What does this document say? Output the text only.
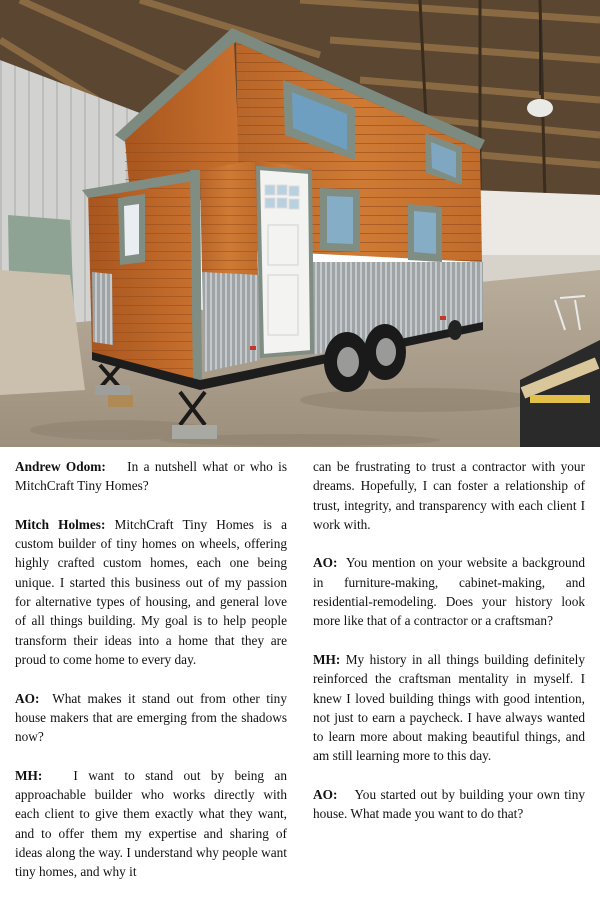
Andrew Odom: In a nutshell what or who is MitchCraft Tiny Homes?

Mitch Holmes: MitchCraft Tiny Homes is a custom builder of tiny homes on wheels, offering highly crafted custom homes, each one being unique. I started this business out of my passion for alternative types of housing, and general love of all things building. My goal is to help people transform their ideas into a home that they are proud to come home to every day.

AO: What makes it stand out from other tiny house makers that are emerging from the shadows now?

MH: I want to stand out by being an approachable builder who works directly with each client to give them exactly what they want, and to offer them my expertise and sharing of ideas along the way. I understand why people want tiny homes, and why it

can be frustrating to trust a contractor with your dreams. Hopefully, I can foster a relationship of trust, integrity, and transparency with each client I work with.

AO: You mention on your website a background in furniture-making, cabinet-making, and residential-remodeling. Does your history look more like that of a contractor or a craftsman?

MH: My history in all things building definitely reinforced the craftsman mentality in myself. I knew I loved building things with good intention, not just to earn a paycheck. I have always wanted to learn more about making beautiful things, and am still learning more to this day.

AO: You started out by building your own tiny house. What made you want to do that?
